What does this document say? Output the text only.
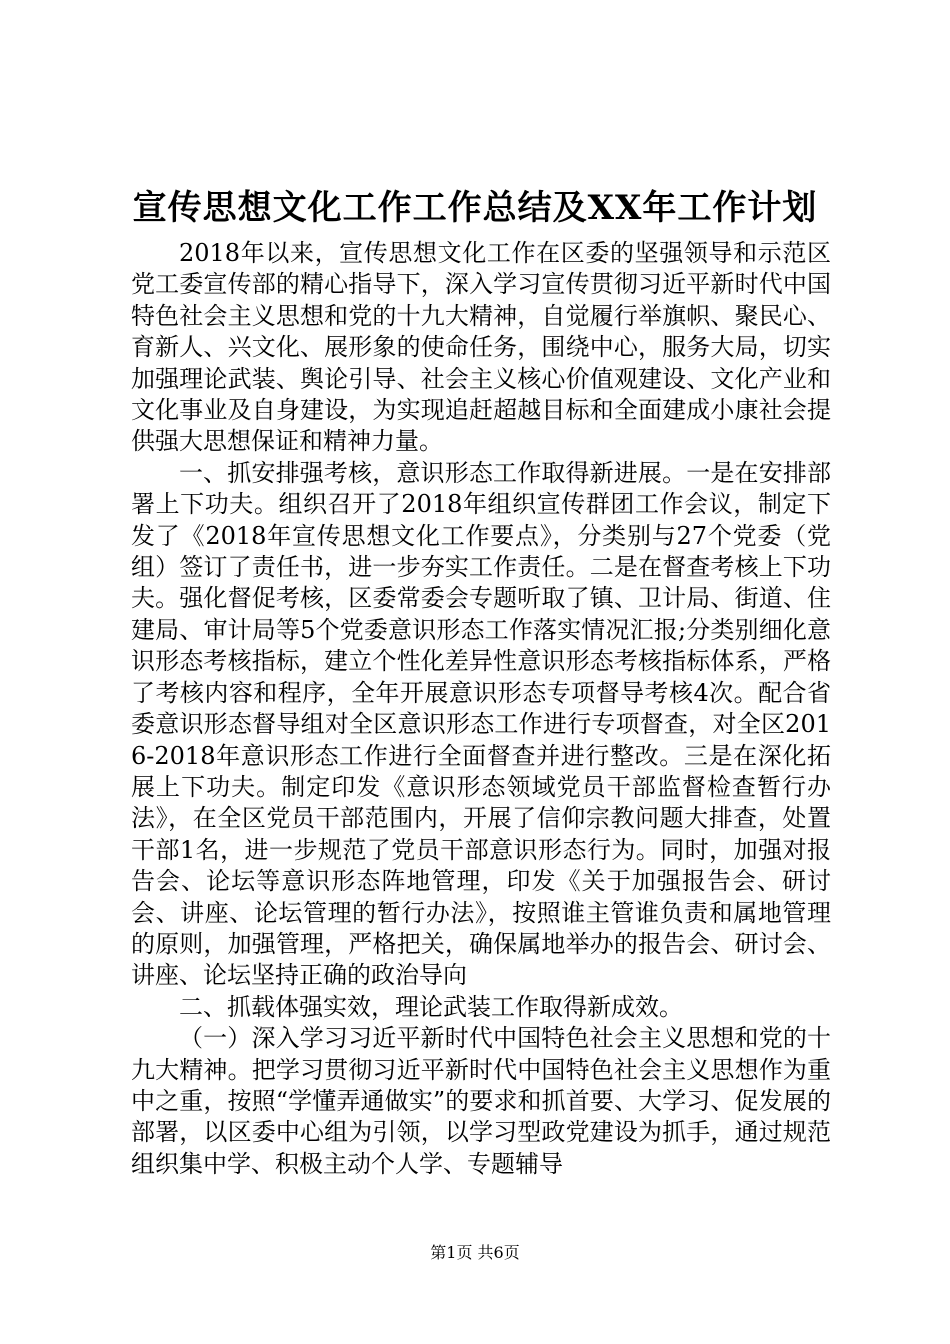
宣传思想文化工作工作总结及XX年工作计划

2018年以来，宣传思想文化工作在区委的坚强领导和示范区党工委宣传部的精心指导下，深入学习宣传贯彻习近平新时代中国特色社会主义思想和党的十九大精神，自觉履行举旗帜、聚民心、育新人、兴文化、展形象的使命任务，围绕中心，服务大局，切实加强理论武装、舆论引导、社会主义核心价值观建设、文化产业和文化事业及自身建设，为实现追赶超越目标和全面建成小康社会提供强大思想保证和精神力量。

一、抓安排强考核，意识形态工作取得新进展。一是在安排部署上下功夫。组织召开了2018年组织宣传群团工作会议，制定下发了《2018年宣传思想文化工作要点》，分类别与27个党委（党组）签订了责任书，进一步夯实工作责任。二是在督查考核上下功夫。强化督促考核，区委常委会专题听取了镇、卫计局、街道、住建局、审计局等5个党委意识形态工作落实情况汇报;分类别细化意识形态考核指标，建立个性化差异性意识形态考核指标体系，严格了考核内容和程序，全年开展意识形态专项督导考核4次。配合省委意识形态督导组对全区意识形态工作进行专项督查，对全区2016-2018年意识形态工作进行全面督查并进行整改。三是在深化拓展上下功夫。制定印发《意识形态领域党员干部监督检查暂行办法》，在全区党员干部范围内，开展了信仰宗教问题大排查，处置干部1名，进一步规范了党员干部意识形态行为。同时，加强对报告会、论坛等意识形态阵地管理，印发《关于加强报告会、研讨会、讲座、论坛管理的暂行办法》，按照谁主管谁负责和属地管理的原则，加强管理，严格把关，确保属地举办的报告会、研讨会、讲座、论坛坚持正确的政治导向

二、抓载体强实效，理论武装工作取得新成效。

（一）深入学习习近平新时代中国特色社会主义思想和党的十九大精神。把学习贯彻习近平新时代中国特色社会主义思想作为重中之重，按照“学懂弄通做实”的要求和抓首要、大学习、促发展的部署，以区委中心组为引领，以学习型政党建设为抓手，通过规范组织集中学、积极主动个人学、专题辅导

第1页 共6页
